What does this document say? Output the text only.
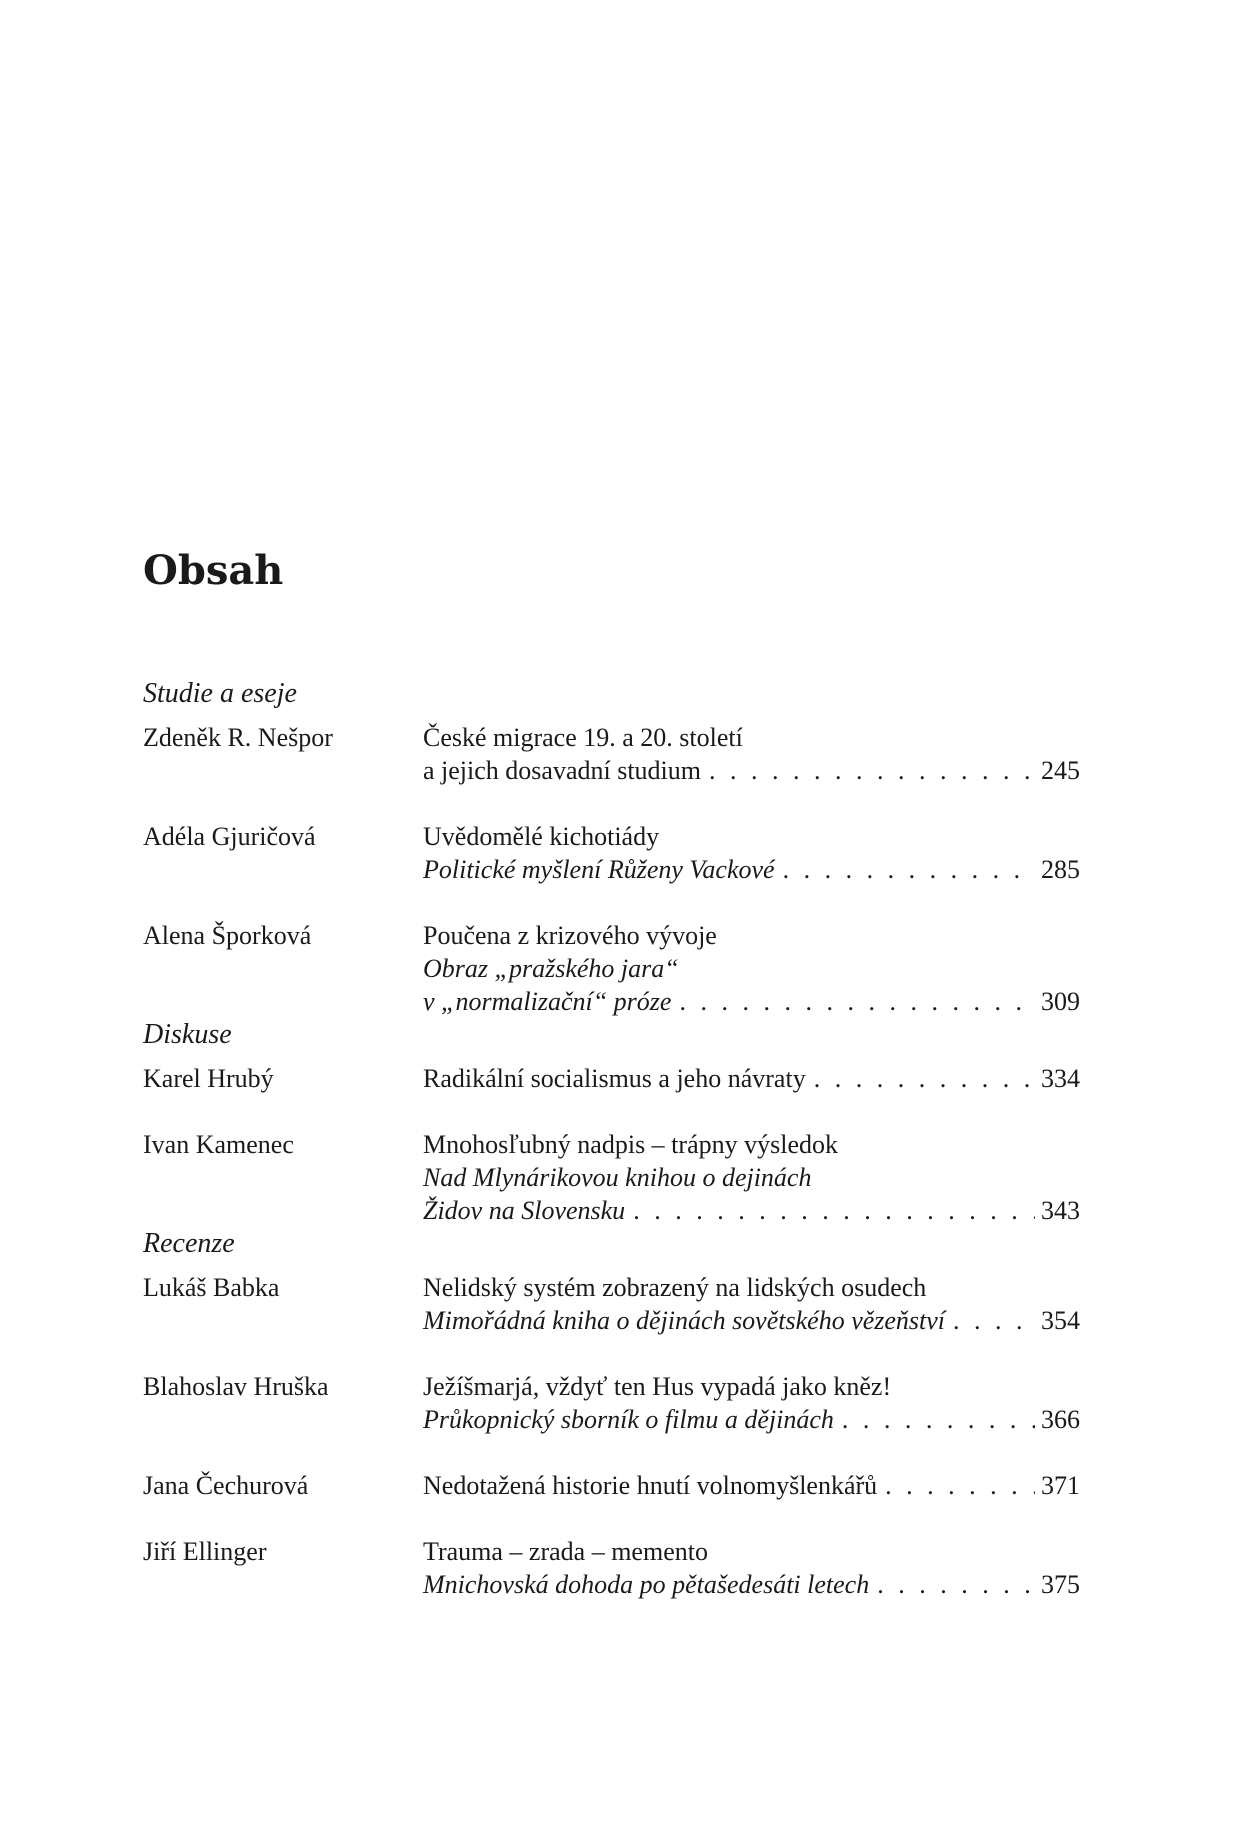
Obsah
Studie a eseje
Zdeněk R. Nešpor	České migrace 19. a 20. století
a jejich dosavadní studium . . .	245
Adéla Gjuričová	Uvědomělé kichotiády
Politické myšlení Růženy Vackové . . .	285
Alena Šporková	Poučena z krizového vývoje
Obraz „pražského jara“
v „normalizační“ próze . . .	309
Diskuse
Karel Hrubý	Radikální socialismus a jeho návraty . . .	334
Ivan Kamenec	Mnohosľubný nadpis – trápny výsledok
Nad Mlynárikovou knihou o dejinách
Židov na Slovensku . . .	343
Recenze
Lukáš Babka	Nelidský systém zobrazený na lidských osudech
Mimořádná kniha o dějinách sovětského vězeňství . . .	354
Blahoslav Hruška	Ježíšmarjá, vždyť ten Hus vypadá jako kněz!
Průkopnický sborník o filmu a dějinách . . .	366
Jana Čechurová	Nedotažená historie hnutí volnomyšlenkářů . . .	371
Jiří Ellinger	Trauma – zrada – memento
Mnichovská dohoda po pětašedesáti letech . . .	375
